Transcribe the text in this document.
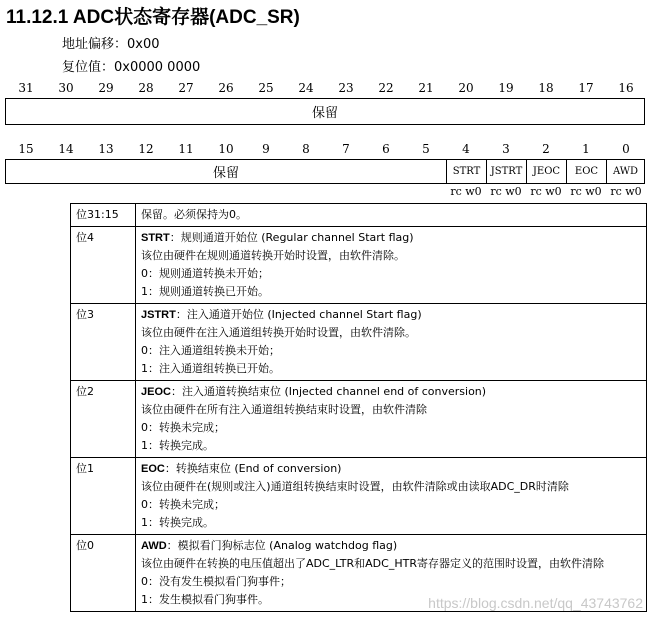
11.12.1 ADC状态寄存器(ADC_SR)
地址偏移：0x00
复位值：0x0000 0000
31	30	29	28	27	26	25	24	23	22	21	20	19	18	17	16
保留
15	14	13	12	11	10	9	8	7	6	5	4	3	2	1	0
保留	STRT	JSTRT	JEOC	EOC	AWD
rc w0 rc w0 rc w0 rc w0 rc w0
位31:15	保留。必须保持为0。

位4	STRT：规则通道开始位 (Regular channel Start flag)
该位由硬件在规则通道转换开始时设置，由软件清除。
0：规则通道转换未开始；
1：规则通道转换已开始。

位3	JSTRT：注入通道开始位 (Injected channel Start flag)
该位由硬件在注入通道组转换开始时设置，由软件清除。
0：注入通道组转换未开始；
1：注入通道组转换已开始。

位2	JEOC：注入通道转换结束位 (Injected channel end of conversion)
该位由硬件在所有注入通道组转换结束时设置，由软件清除
0：转换未完成；
1：转换完成。

位1	EOC：转换结束位 (End of conversion)
该位由硬件在(规则或注入)通道组转换结束时设置，由软件清除或由读取ADC_DR时清除
0：转换未完成；
1：转换完成。

位0	AWD：模拟看门狗标志位 (Analog watchdog flag)
该位由硬件在转换的电压值超出了ADC_LTR和ADC_HTR寄存器定义的范围时设置，由软件清除
0：没有发生模拟看门狗事件；
1：发生模拟看门狗事件。	https://blog.csdn.net/qq_43743762
